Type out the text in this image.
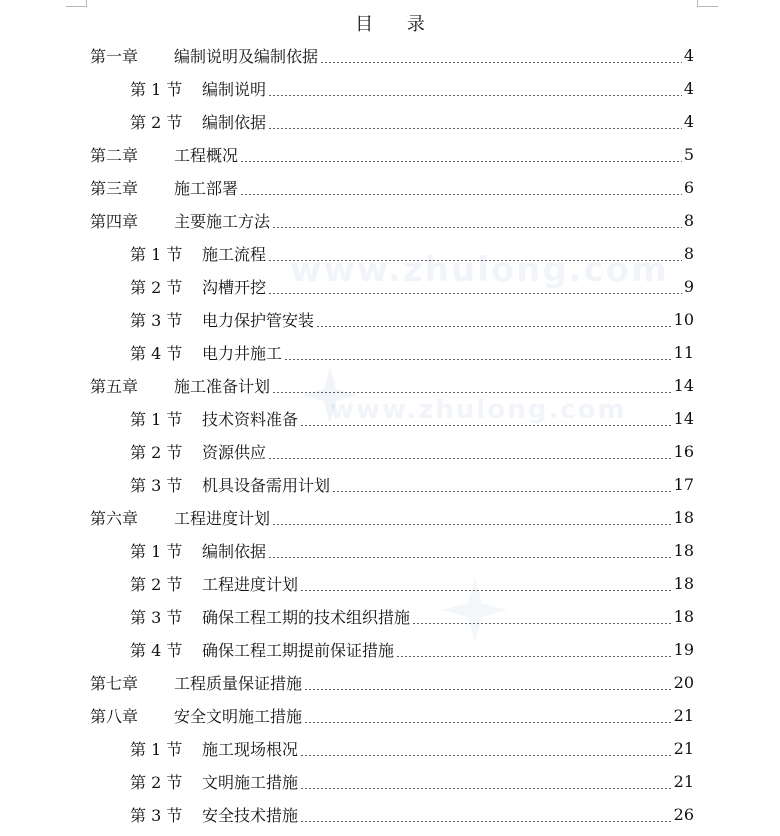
www.zhulong.com
www.zhulong.com
目 录
第一章	编制说明及编制依据	4
第 1 节	编制说明	4
第 2 节	编制依据	4
第二章	工程概况	5
第三章	施工部署	6
第四章	主要施工方法	8
第 1 节	施工流程	8
第 2 节	沟槽开挖	9
第 3 节	电力保护管安装	10
第 4 节	电力井施工	11
第五章	施工准备计划	14
第 1 节	技术资料准备	14
第 2 节	资源供应	16
第 3 节	机具设备需用计划	17
第六章	工程进度计划	18
第 1 节	编制依据	18
第 2 节	工程进度计划	18
第 3 节	确保工程工期的技术组织措施	18
第 4 节	确保工程工期提前保证措施	19
第七章	工程质量保证措施	20
第八章	安全文明施工措施	21
第 1 节	施工现场根况	21
第 2 节	文明施工措施	21
第 3 节	安全技术措施	26
